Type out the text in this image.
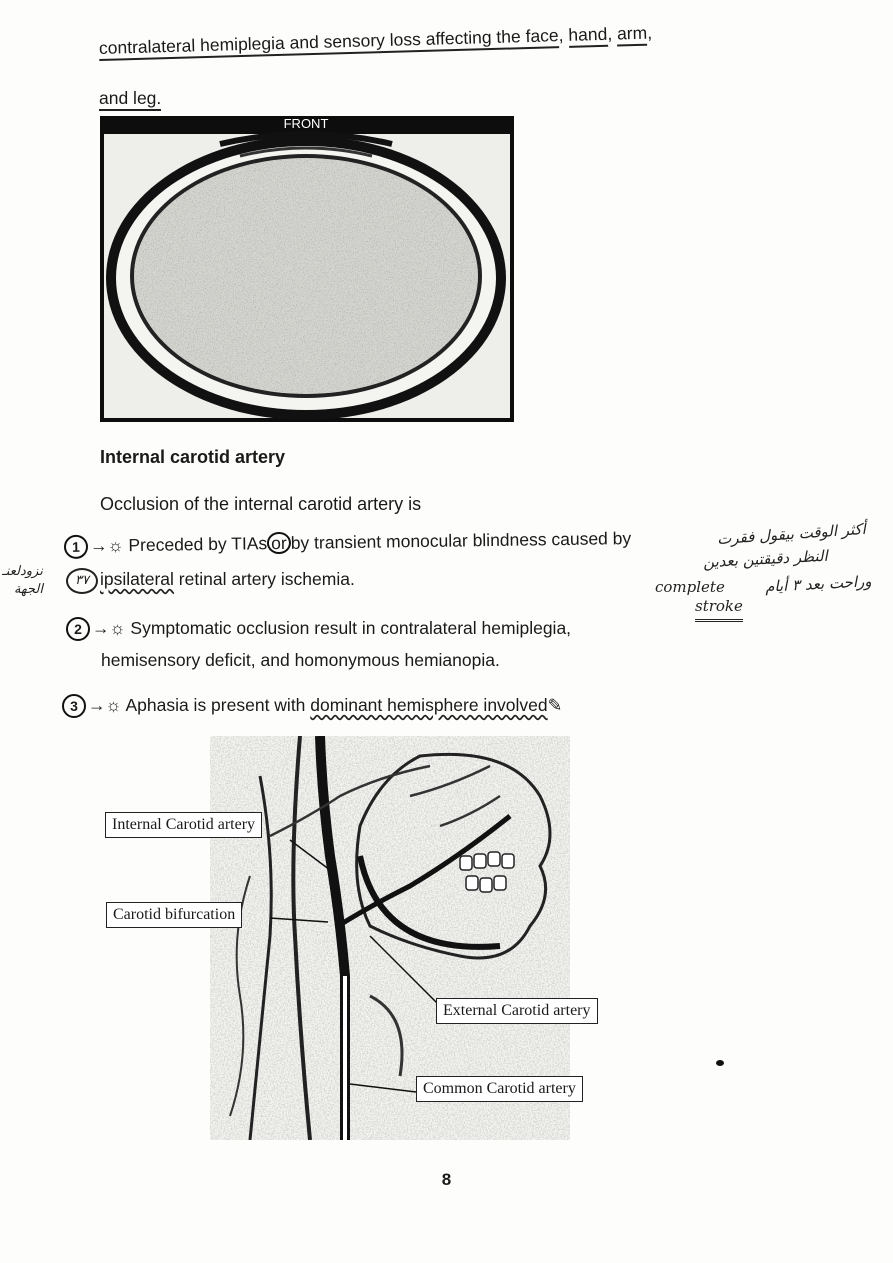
contralateral hemiplegia and sensory loss affecting the face, hand, arm,
and leg.
FRONT
Internal carotid artery
Occlusion of the internal carotid artery is
1 →☼ Preceded by TIAs or by transient monocular blindness caused by
ipsilateral retinal artery ischemia.
٣٧
نزودلعنـ
الجهة
أكثر الوقت بيقول فقرت
النظر دقيقتين بعدين
وراحت بعد ٣ أيام
complete
stroke
2 →☼ Symptomatic occlusion result in contralateral hemiplegia,
hemisensory deficit, and homonymous hemianopia.
3 →☼ Aphasia is present with dominant hemisphere involved✎
Internal Carotid artery
Carotid bifurcation
External Carotid artery
Common Carotid artery
8
